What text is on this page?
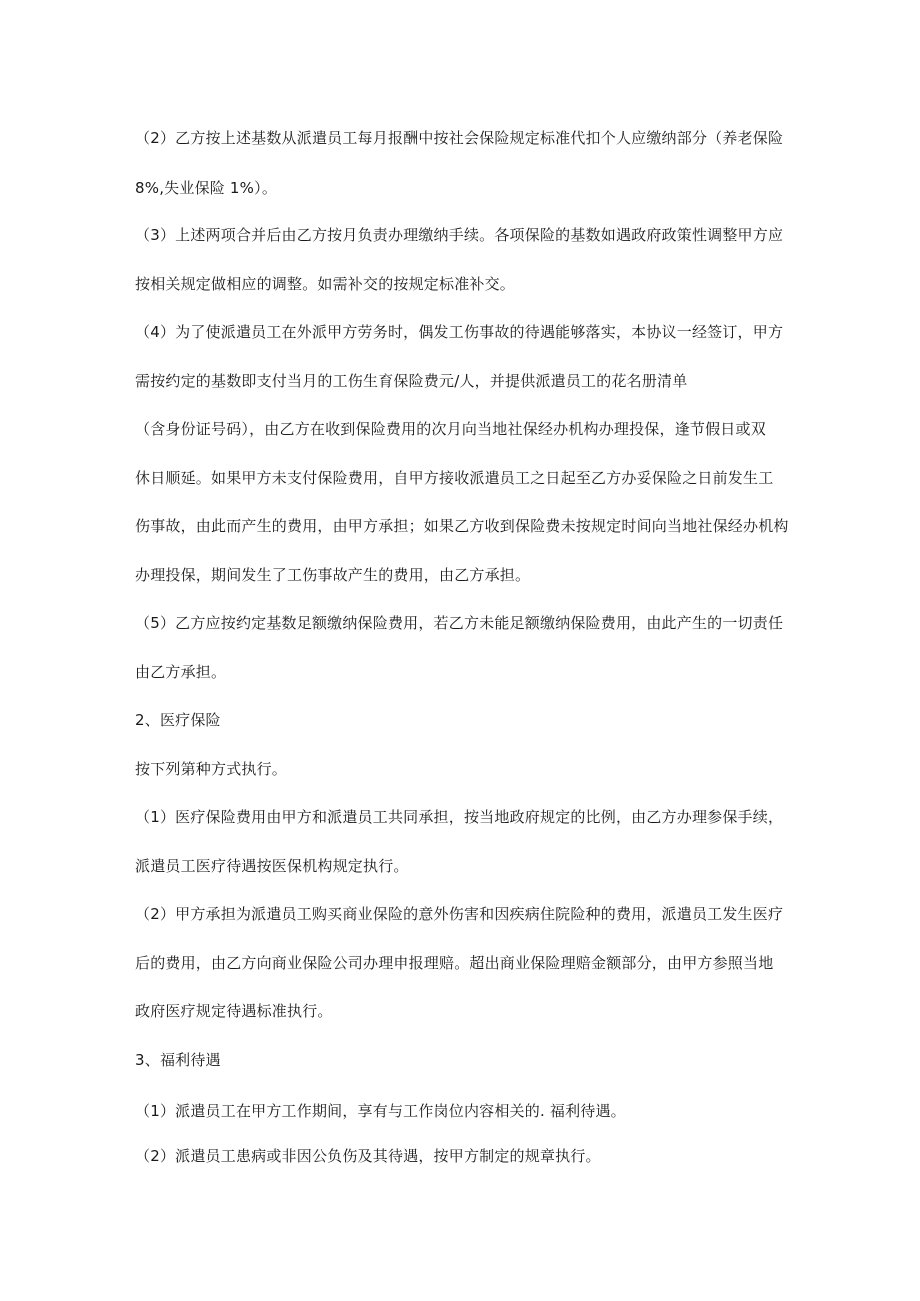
（2）乙方按上述基数从派遣员工每月报酬中按社会保险规定标准代扣个人应缴纳部分（养老保险
8%,失业保险 1%）。
（3）上述两项合并后由乙方按月负责办理缴纳手续。各项保险的基数如遇政府政策性调整甲方应
按相关规定做相应的调整。如需补交的按规定标准补交。
（4）为了使派遣员工在外派甲方劳务时，偶发工伤事故的待遇能够落实，本协议一经签订，甲方
需按约定的基数即支付当月的工伤生育保险费元/人，并提供派遣员工的花名册清单
（含身份证号码），由乙方在收到保险费用的次月向当地社保经办机构办理投保，逢节假日或双
休日顺延。如果甲方未支付保险费用，自甲方接收派遣员工之日起至乙方办妥保险之日前发生工
伤事故，由此而产生的费用，由甲方承担；如果乙方收到保险费未按规定时间向当地社保经办机构
办理投保，期间发生了工伤事故产生的费用，由乙方承担。
（5）乙方应按约定基数足额缴纳保险费用，若乙方未能足额缴纳保险费用，由此产生的一切责任
由乙方承担。
2、医疗保险
按下列第种方式执行。
（1）医疗保险费用由甲方和派遣员工共同承担，按当地政府规定的比例，由乙方办理参保手续，
派遣员工医疗待遇按医保机构规定执行。
（2）甲方承担为派遣员工购买商业保险的意外伤害和因疾病住院险种的费用，派遣员工发生医疗
后的费用，由乙方向商业保险公司办理申报理赔。超出商业保险理赔金额部分，由甲方参照当地
政府医疗规定待遇标准执行。
3、福利待遇
（1）派遣员工在甲方工作期间，享有与工作岗位内容相关的. 福利待遇。
（2）派遣员工患病或非因公负伤及其待遇，按甲方制定的规章执行。
